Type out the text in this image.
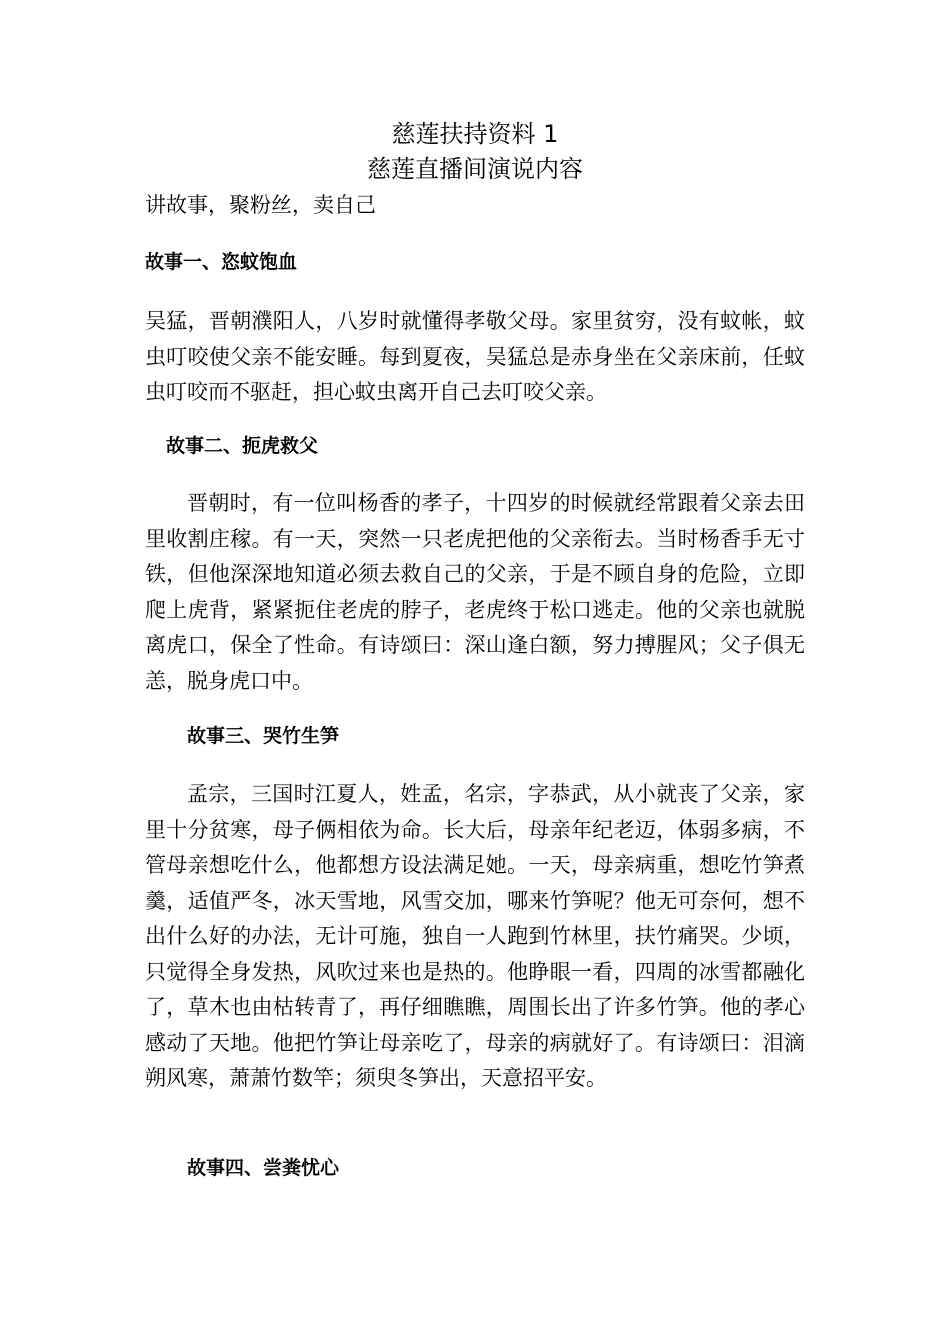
慈莲扶持资料 1
慈莲直播间演说内容
讲故事，聚粉丝，卖自己
故事一、恣蚊饱血

吴猛，晋朝濮阳人，八岁时就懂得孝敬父母。家里贫穷，没有蚊帐，蚊虫叮咬使父亲不能安睡。每到夏夜，吴猛总是赤身坐在父亲床前，任蚊虫叮咬而不驱赶，担心蚊虫离开自己去叮咬父亲。

故事二、扼虎救父

晋朝时，有一位叫杨香的孝子，十四岁的时候就经常跟着父亲去田里收割庄稼。有一天，突然一只老虎把他的父亲衔去。当时杨香手无寸铁，但他深深地知道必须去救自己的父亲，于是不顾自身的危险，立即爬上虎背，紧紧扼住老虎的脖子，老虎终于松口逃走。他的父亲也就脱离虎口，保全了性命。有诗颂曰：深山逢白额，努力搏腥风；父子俱无恙，脱身虎口中。

故事三、哭竹生笋

孟宗，三国时江夏人，姓孟，名宗，字恭武，从小就丧了父亲，家里十分贫寒，母子俩相依为命。长大后，母亲年纪老迈，体弱多病，不管母亲想吃什么，他都想方设法满足她。一天，母亲病重，想吃竹笋煮羹，适值严冬，冰天雪地，风雪交加，哪来竹笋呢？他无可奈何，想不出什么好的办法，无计可施，独自一人跑到竹林里，扶竹痛哭。少顷，只觉得全身发热，风吹过来也是热的。他睁眼一看，四周的冰雪都融化了，草木也由枯转青了，再仔细瞧瞧，周围长出了许多竹笋。他的孝心感动了天地。他把竹笋让母亲吃了，母亲的病就好了。有诗颂曰：泪滴朔风寒，萧萧竹数竿；须臾冬笋出，天意招平安。

故事四、尝粪忧心
